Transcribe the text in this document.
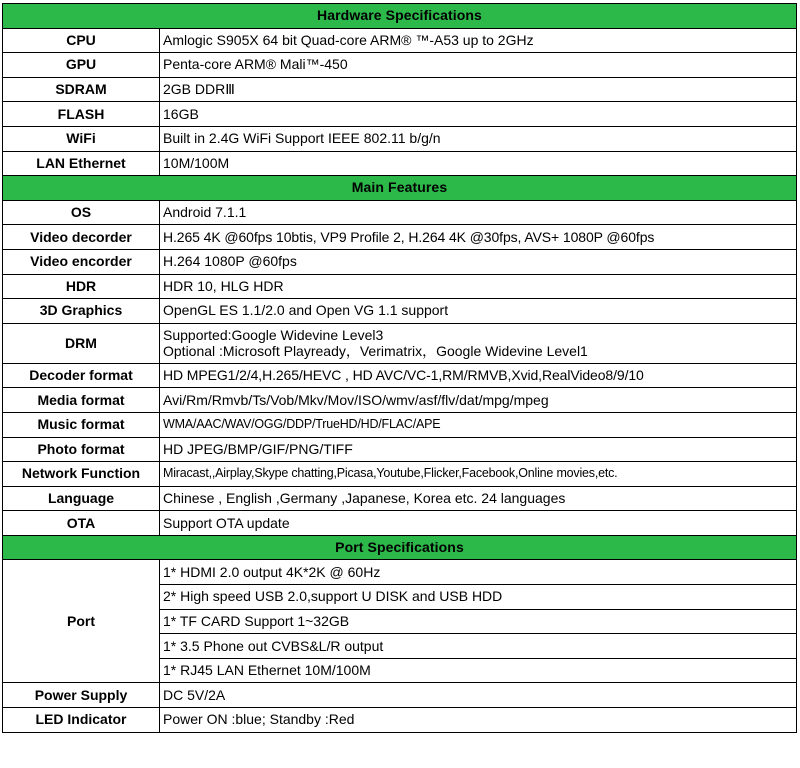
Hardware Specifications	
CPU	Amlogic S905X 64 bit Quad-core ARM® ™-A53 up to 2GHz
GPU	Penta-core ARM® Mali™-450
SDRAM	2GB DDRⅢ
FLASH	16GB
WiFi	Built in 2.4G WiFi Support IEEE 802.11 b/g/n
LAN Ethernet	10M/100M
Main Features	
OS	Android 7.1.1
Video decorder	H.265 4K @60fps 10btis, VP9 Profile 2, H.264 4K @30fps, AVS+ 1080P @60fps
Video encorder	H.264 1080P @60fps
HDR	HDR 10, HLG HDR
3D Graphics	OpenGL ES 1.1/2.0 and Open VG 1.1 support
DRM	Supported:Google Widevine Level3
Optional :Microsoft Playready，Verimatrix，Google Widevine Level1

Decoder format	HD MPEG1/2/4,H.265/HEVC , HD AVC/VC-1,RM/RMVB,Xvid,RealVideo8/9/10
Media format	Avi/Rm/Rmvb/Ts/Vob/Mkv/Mov/ISO/wmv/asf/flv/dat/mpg/mpeg
Music format	WMA/AAC/WAV/OGG/DDP/TrueHD/HD/FLAC/APE
Photo format	HD JPEG/BMP/GIF/PNG/TIFF
Network Function	Miracast,,Airplay,Skype chatting,Picasa,Youtube,Flicker,Facebook,Online movies,etc.
Language	Chinese , English ,Germany ,Japanese, Korea etc. 24 languages
OTA	Support OTA update
Port Specifications	
Port	1* HDMI 2.0 output 4K*2K @ 60Hz
	2* High speed USB 2.0,support U DISK and USB HDD
	1* TF CARD Support 1~32GB
	1* 3.5 Phone out CVBS&L/R output
	1* RJ45 LAN Ethernet 10M/100M
Power Supply	DC 5V/2A
LED Indicator	Power ON :blue; Standby :Red
